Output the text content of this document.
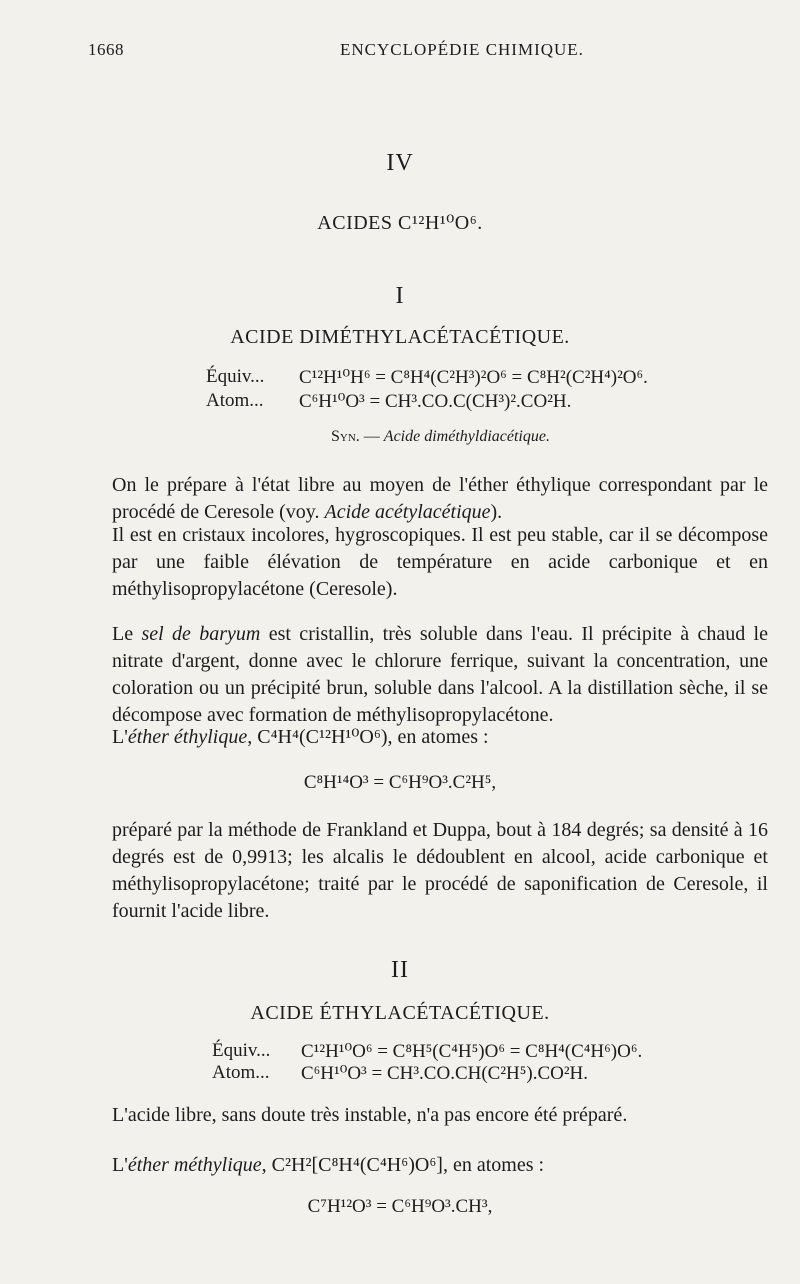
1668	ENCYCLOPÉDIE CHIMIQUE.
IV
ACIDES C¹²H¹⁰O⁶.
I
ACIDE DIMÉTHYLACÉTACÉTIQUE.
Équiv... C¹²H¹⁰H⁶ = C⁸H⁴(C²H³)²O⁶ = C⁸H²(C²H⁴)²O⁶.
Atom... C⁶H¹⁰O³ = CH³.CO.C(CH³)².CO²H.
Syn. — Acide diméthyldiacétique.
On le prépare à l'état libre au moyen de l'éther éthylique correspondant par le procédé de Ceresole (voy. Acide acétylacétique).
Il est en cristaux incolores, hygroscopiques. Il est peu stable, car il se décompose par une faible élévation de température en acide carbonique et en méthylisopropylacétone (Ceresole).
Le sel de baryum est cristallin, très soluble dans l'eau. Il précipite à chaud le nitrate d'argent, donne avec le chlorure ferrique, suivant la concentration, une coloration ou un précipité brun, soluble dans l'alcool. A la distillation sèche, il se décompose avec formation de méthylisopropylacétone.
L'éther éthylique, C⁴H⁴(C¹²H¹⁰O⁶), en atomes :
C⁸H¹⁴O³ = C⁶H⁹O³.C²H⁵,
préparé par la méthode de Frankland et Duppa, bout à 184 degrés; sa densité à 16 degrés est de 0,9913; les alcalis le dédoublent en alcool, acide carbonique et méthylisopropylacétone; traité par le procédé de saponification de Ceresole, il fournit l'acide libre.
II
ACIDE ÉTHYLACÉTACÉTIQUE.
Équiv... C¹²H¹⁰O⁶ = C⁸H⁵(C⁴H⁵)O⁶ = C⁸H⁴(C⁴H⁶)O⁶.
Atom... C⁶H¹⁰O³ = CH³.CO.CH(C²H⁵).CO²H.
L'acide libre, sans doute très instable, n'a pas encore été préparé.
L'éther méthylique, C²H²[C⁸H⁴(C⁴H⁶)O⁶], en atomes :
C⁷H¹²O³ = C⁶H⁹O³.CH³,
